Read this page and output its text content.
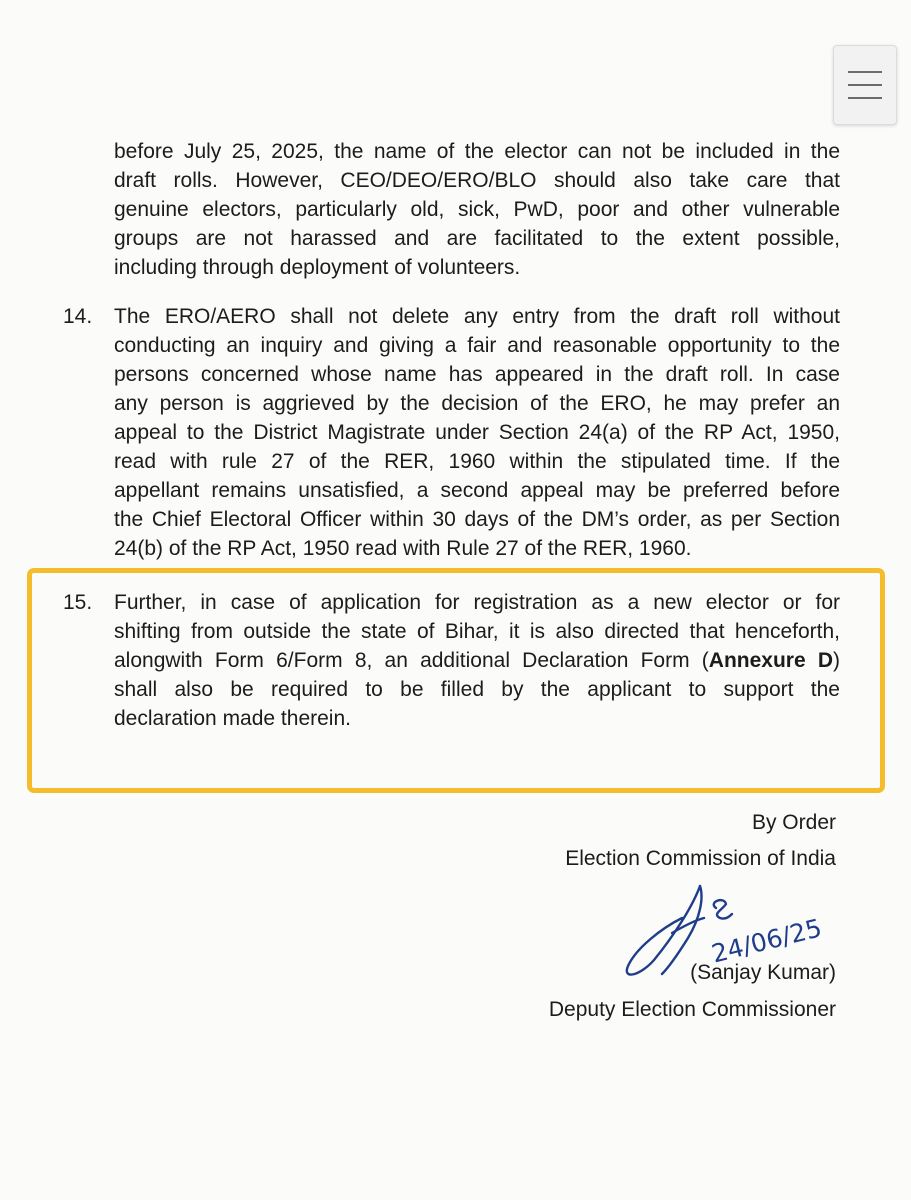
before July 25, 2025, the name of the elector can not be included in the
draft rolls. However, CEO/DEO/ERO/BLO should also take care that
genuine electors, particularly old, sick, PwD, poor and other vulnerable
groups are not harassed and are facilitated to the extent possible,
including through deployment of volunteers.
14. The ERO/AERO shall not delete any entry from the draft roll without
conducting an inquiry and giving a fair and reasonable opportunity to the
persons concerned whose name has appeared in the draft roll. In case
any person is aggrieved by the decision of the ERO, he may prefer an
appeal to the District Magistrate under Section 24(a) of the RP Act, 1950,
read with rule 27 of the RER, 1960 within the stipulated time. If the
appellant remains unsatisfied, a second appeal may be preferred before
the Chief Electoral Officer within 30 days of the DM’s order, as per Section
24(b) of the RP Act, 1950 read with Rule 27 of the RER, 1960.
15. Further, in case of application for registration as a new elector or for
shifting from outside the state of Bihar, it is also directed that henceforth,
alongwith Form 6/Form 8, an additional Declaration Form (Annexure D)
shall also be required to be filled by the applicant to support the
declaration made therein.
By Order
Election Commission of India
24/06/25
(Sanjay Kumar)
Deputy Election Commissioner
